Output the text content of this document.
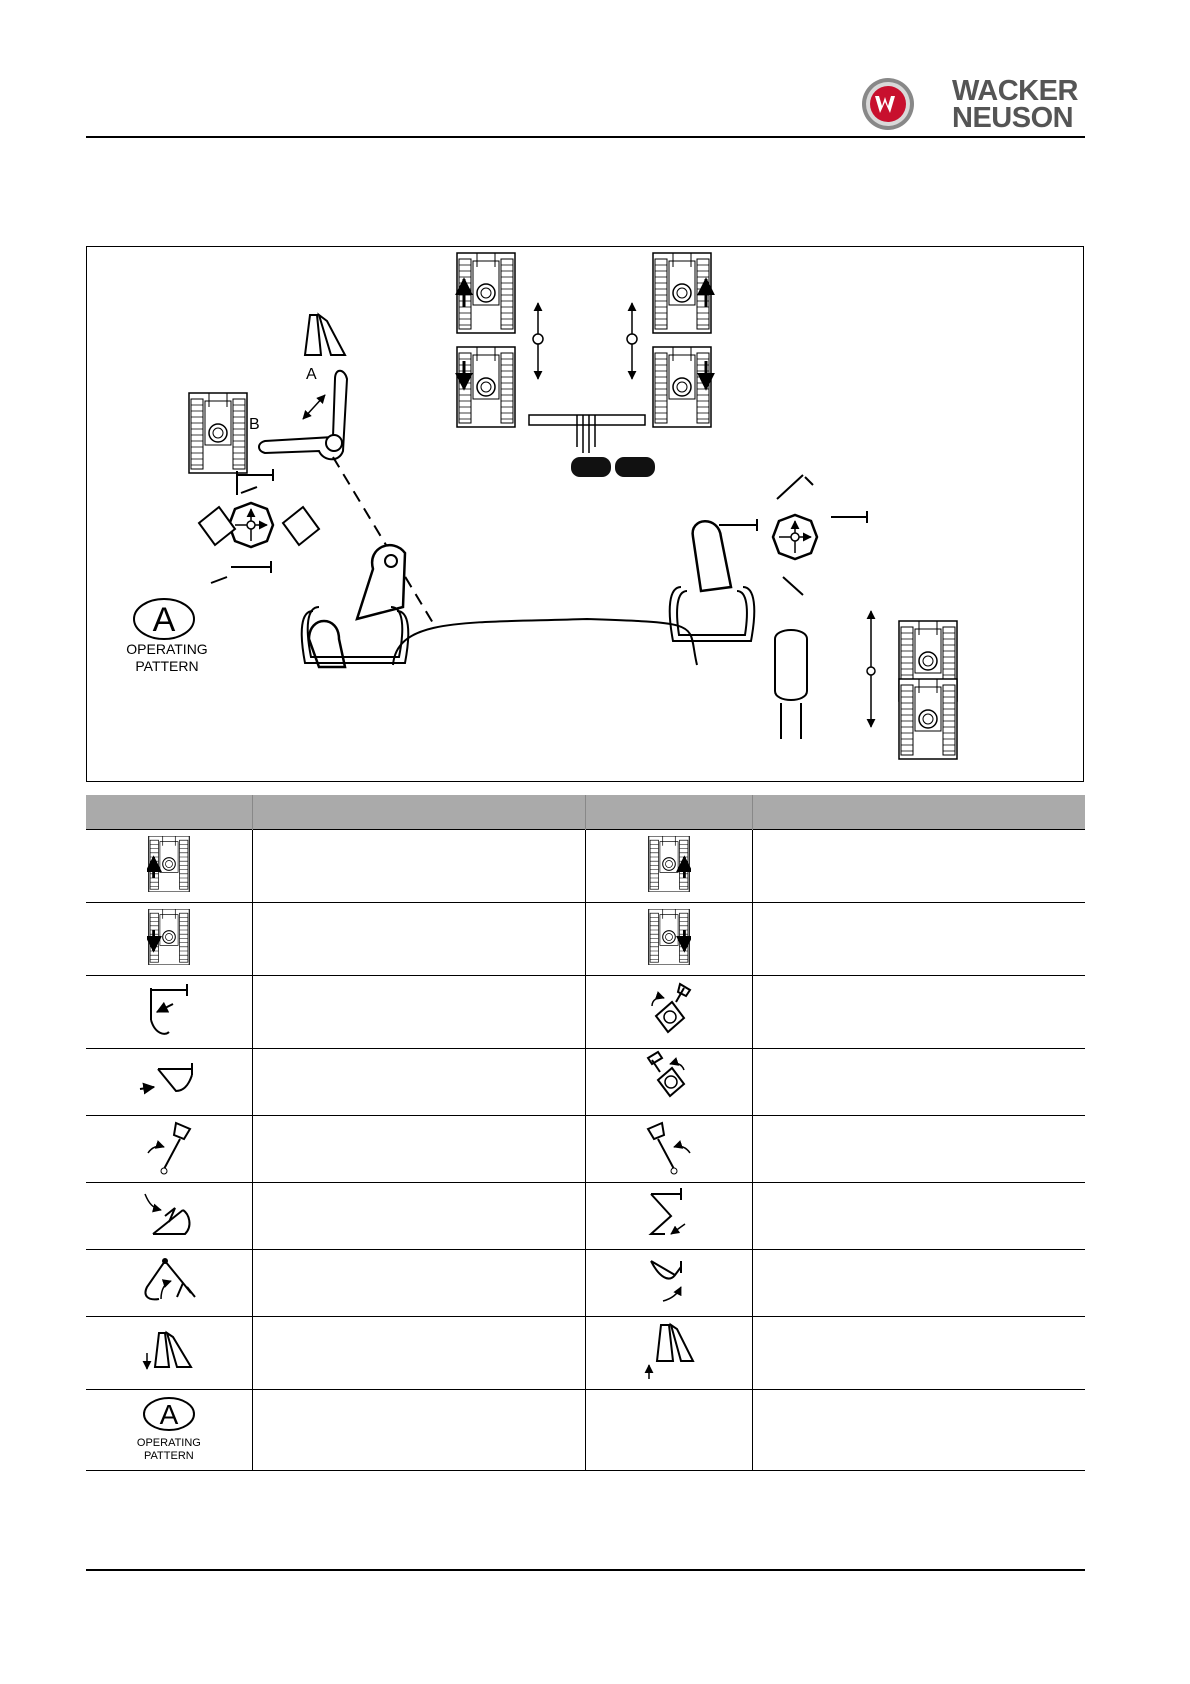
WACKER
NEUSON
A
B
A
OPERATING
PATTERN

A
OPERATING
PATTERN			
